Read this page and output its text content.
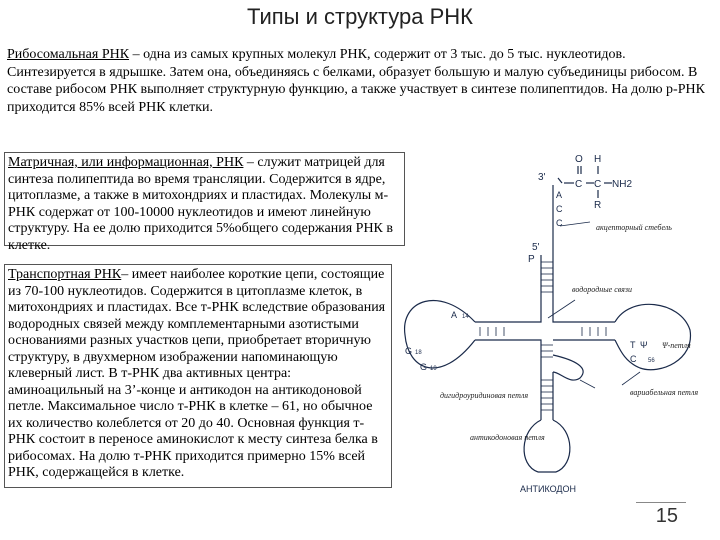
Типы и структура РНК
Рибосомальная РНК – одна из самых крупных молекул РНК, содержит от 3 тыс. до 5 тыс. нуклеотидов. Синтезируется в ядрышке. Затем она, объединяясь с белками, образует большую и малую субъединицы рибосом. В составе рибосом РНК выполняет структурную функцию, а также участвует в синтезе полипептидов. На долю р-РНК приходится 85% всей РНК клетки.

Матричная, или информационная, РНК – служит матрицей для синтеза полипептида во время трансляции. Содержится в ядре, цитоплазме, а также в митохондриях и пластидах. Молекулы м-РНК содержат от 100-10000 нуклеотидов и имеют линейную структуру. На ее долю приходится 5%общего содержания РНК в клетке.

Транспортная РНК– имеет наиболее короткие цепи, состоящие из 70-100 нуклеотидов. Содержится в цитоплазме клеток, в митохондриях и пластидах. Все т-РНК вследствие образования водородных связей между комплементарными азотистыми основаниями разных участков цепи, приобретает вторичную структуру, в двухмерном изображении напоминающую клеверный лист. В т-РНК два активных центра: аминоацильный на 3’-конце и антикодон на антикодоновой петле. Максимальное число т-РНК в клетке – 61, но обычное их количество колеблется от 20 до 40. Основная функция т-РНК состоит в переносе аминокислот к месту синтеза белка в рибосомах. На долю т-РНК приходится примерно 15% всей РНК, содержащейся в клетке.

O H
C C NH2
R
3'
5'
A
C
C
P
акцепторный стебель
водородные связи
A 14
G 18
G 19
T Ψ
C 56
Ψ-петля
дигидроуридиновая петля	вариабельная петля
антикодоновая петля
АНТИКОДОН
15
